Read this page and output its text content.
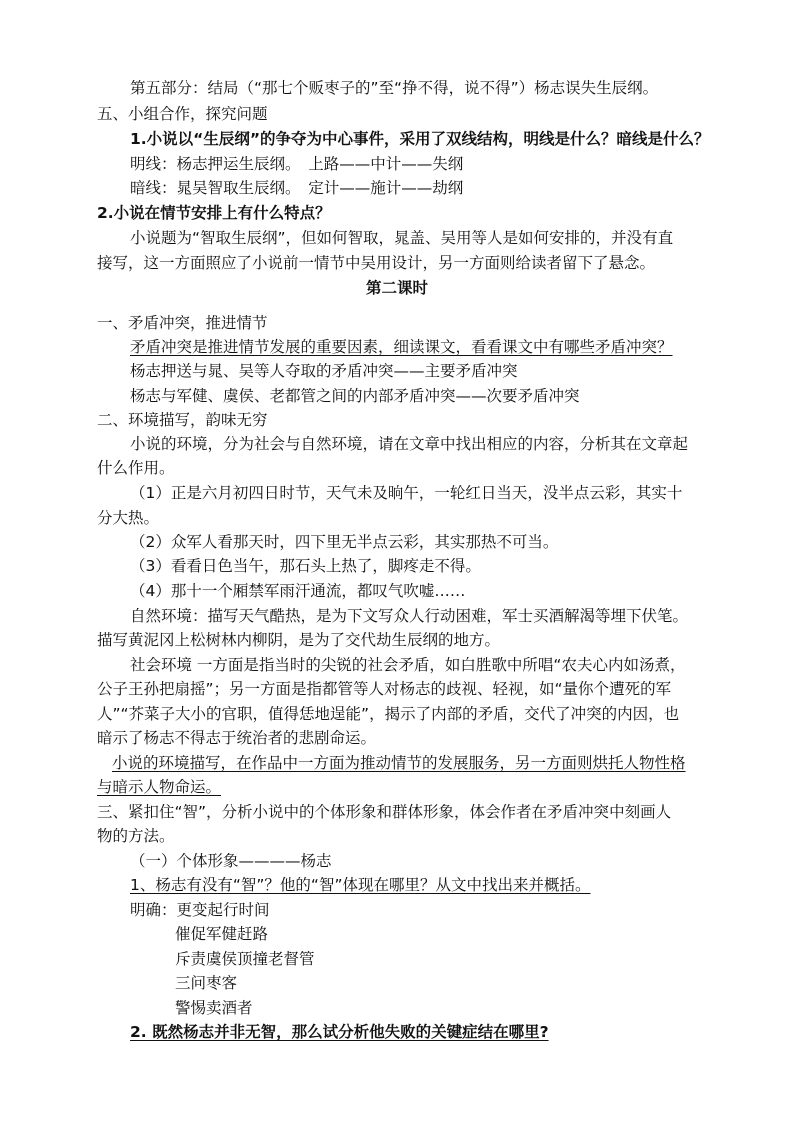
第五部分：结局（“那七个贩枣子的”至“挣不得，说不得”）杨志误失生辰纲。
五、小组合作，探究问题
1.小说以“生辰纲”的争夺为中心事件，采用了双线结构，明线是什么？暗线是什么？
明线：杨志押运生辰纲。　上路——中计——失纲
暗线：晁吴智取生辰纲。　定计——施计——劫纲
2.小说在情节安排上有什么特点？
小说题为“智取生辰纲”，但如何智取，晁盖、吴用等人是如何安排的，并没有直
接写，这一方面照应了小说前一情节中吴用设计，另一方面则给读者留下了悬念。
第二课时
一、矛盾冲突，推进情节
矛盾冲突是推进情节发展的重要因素，细读课文，看看课文中有哪些矛盾冲突？
杨志押送与晁、吴等人夺取的矛盾冲突——主要矛盾冲突
杨志与军健、虞侯、老都管之间的内部矛盾冲突——次要矛盾冲突
二、环境描写，韵味无穷
小说的环境，分为社会与自然环境，请在文章中找出相应的内容，分析其在文章起
什么作用。
（1）正是六月初四日时节，天气未及晌午，一轮红日当天，没半点云彩，其实十
分大热。
（2）众军人看那天时，四下里无半点云彩，其实那热不可当。
（3）看看日色当午，那石头上热了，脚疼走不得。
（4）那十一个厢禁军雨汗通流，都叹气吹嘘……
自然环境：描写天气酷热，是为下文写众人行动困难，军士买酒解渴等埋下伏笔。
描写黄泥冈上松树林内柳阴，是为了交代劫生辰纲的地方。
社会环境 一方面是指当时的尖锐的社会矛盾，如白胜歌中所唱“农夫心内如汤煮，
公子王孙把扇摇”；另一方面是指都管等人对杨志的歧视、轻视，如“量你个遭死的军
人”“芥菜子大小的官职，值得恁地逞能”，揭示了内部的矛盾，交代了冲突的内因，也
暗示了杨志不得志于统治者的悲剧命运。
小说的环境描写，在作品中一方面为推动情节的发展服务，另一方面则烘托人物性格
与暗示人物命运。
三、紧扣住“智”，分析小说中的个体形象和群体形象，体会作者在矛盾冲突中刻画人
物的方法。
（一）个体形象————杨志
1、杨志有没有“智”？他的“智”体现在哪里？从文中找出来并概括。
明确：更变起行时间
催促军健赶路
斥责虞侯顶撞老督管
三问枣客
警惕卖酒者
2. 既然杨志并非无智，那么试分析他失败的关键症结在哪里?
